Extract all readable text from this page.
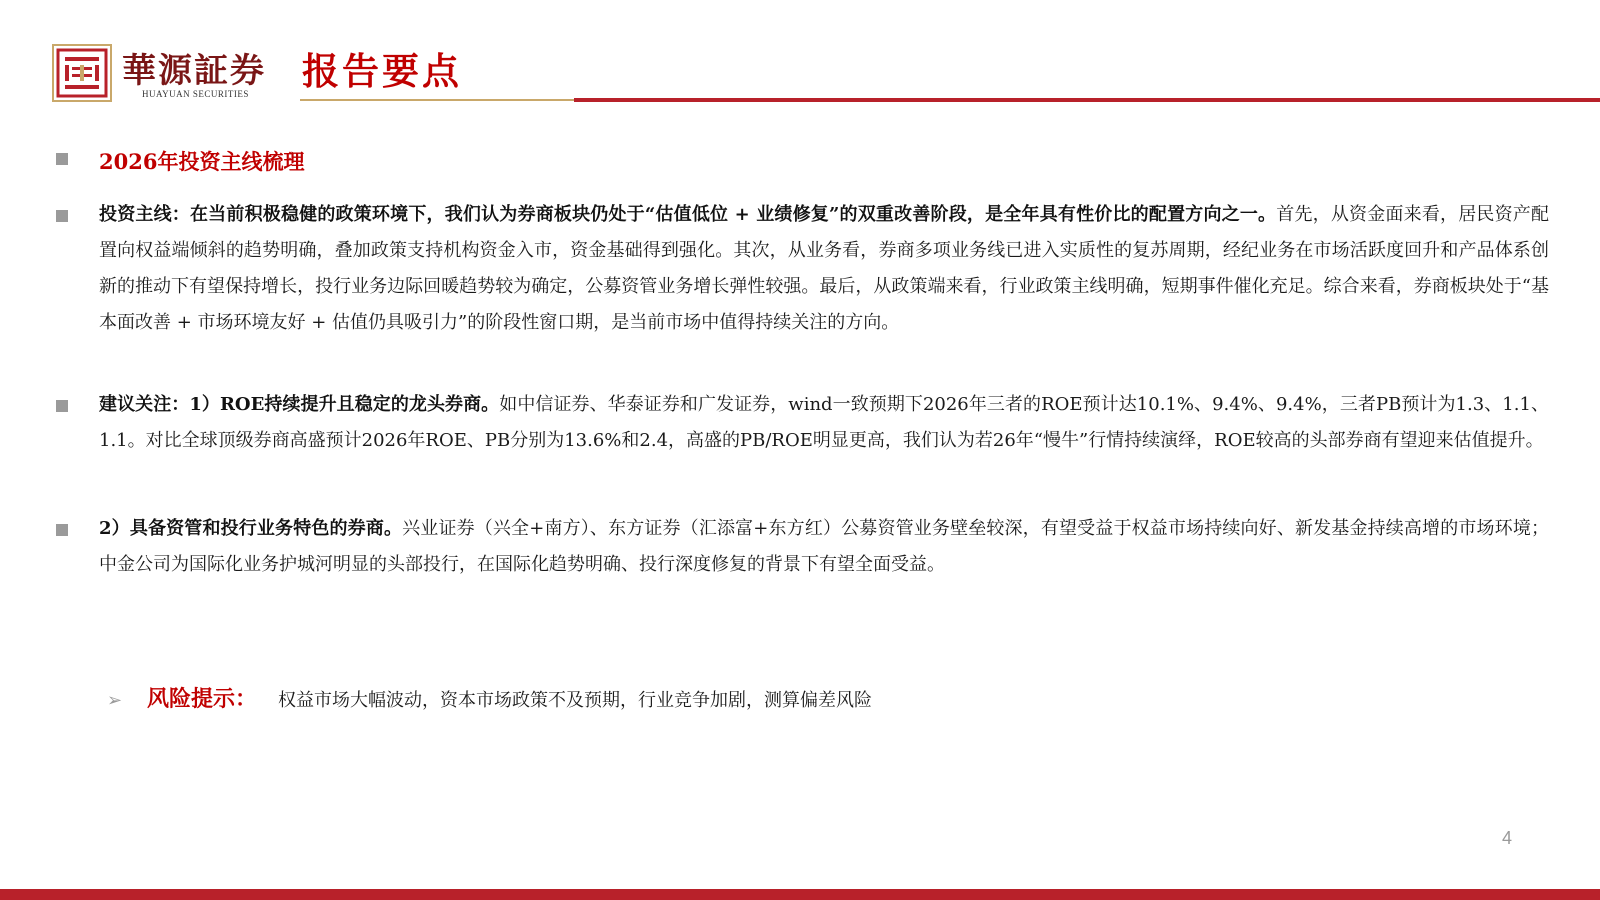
華源証券
HUAYUAN SECURITIES
报告要点
2026年投资主线梳理
投资主线：在当前积极稳健的政策环境下，我们认为券商板块仍处于“估值低位 + 业绩修复”的双重改善阶段，是全年具有性价比的配置方向之一。首先，从资金面来看，居民资产配置向权益端倾斜的趋势明确，叠加政策支持机构资金入市，资金基础得到强化。其次，从业务看，券商多项业务线已进入实质性的复苏周期，经纪业务在市场活跃度回升和产品体系创新的推动下有望保持增长，投行业务边际回暖趋势较为确定，公募资管业务增长弹性较强。最后，从政策端来看，行业政策主线明确，短期事件催化充足。综合来看，券商板块处于“基本面改善 + 市场环境友好 + 估值仍具吸引力”的阶段性窗口期，是当前市场中值得持续关注的方向。
建议关注：1）ROE持续提升且稳定的龙头券商。如中信证券、华泰证券和广发证券，wind一致预期下2026年三者的ROE预计达10.1%、9.4%、9.4%，三者PB预计为1.3、1.1、1.1。对比全球顶级券商高盛预计2026年ROE、PB分别为13.6%和2.4，高盛的PB/ROE明显更高，我们认为若26年“慢牛”行情持续演绎，ROE较高的头部券商有望迎来估值提升。
2）具备资管和投行业务特色的券商。兴业证券（兴全+南方）、东方证券（汇添富+东方红）公募资管业务壁垒较深，有望受益于权益市场持续向好、新发基金持续高增的市场环境；中金公司为国际化业务护城河明显的头部投行，在国际化趋势明确、投行深度修复的背景下有望全面受益。
➢ 风险提示： 权益市场大幅波动，资本市场政策不及预期，行业竞争加剧，测算偏差风险
4
